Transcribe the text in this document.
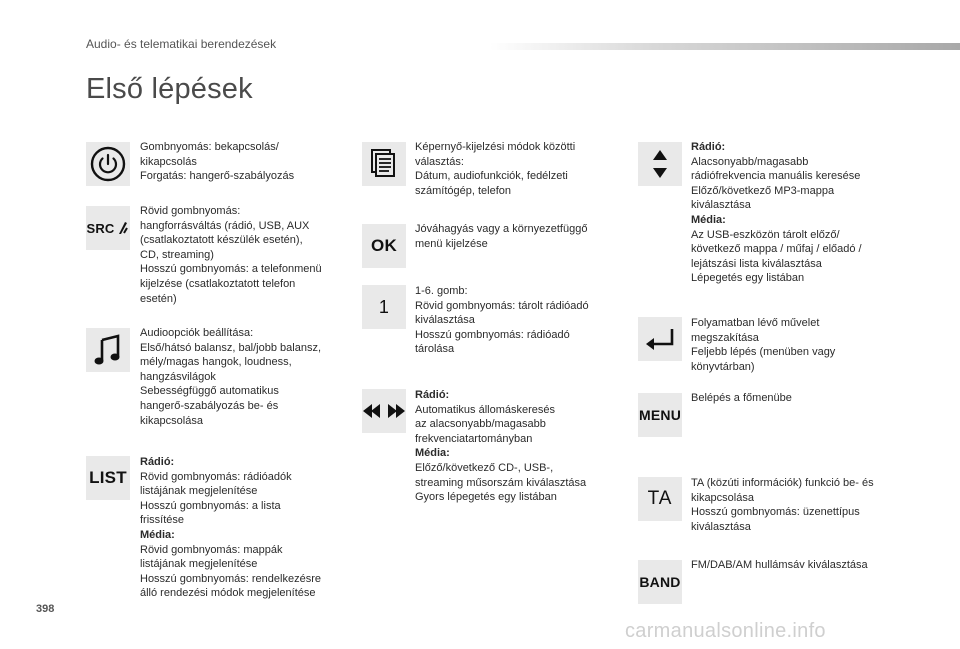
Audio- és telematikai berendezések
Első lépések
Gombnyomás: bekapcsolás/
kikapcsolás
Forgatás: hangerő-szabályozás
SRC
Rövid gombnyomás:
hangforrásváltás (rádió, USB, AUX
(csatlakoztatott készülék esetén),
CD, streaming)
Hosszú gombnyomás: a telefonmenü
kijelzése (csatlakoztatott telefon
esetén)
Audioopciók beállítása:
Első/hátsó balansz, bal/jobb balansz,
mély/magas hangok, loudness,
hangzásvilágok
Sebességfüggő automatikus
hangerő-szabályozás be- és
kikapcsolása
LIST
Rádió:
Rövid gombnyomás: rádióadók
listájának megjelenítése
Hosszú gombnyomás: a lista
frissítése
Média:
Rövid gombnyomás: mappák
listájának megjelenítése
Hosszú gombnyomás: rendelkezésre
álló rendezési módok megjelenítése
Képernyő-kijelzési módok közötti
választás:
Dátum, audiofunkciók, fedélzeti
számítógép, telefon
OK
Jóváhagyás vagy a környezetfüggő
menü kijelzése
1
1-6. gomb:
Rövid gombnyomás: tárolt rádióadó
kiválasztása
Hosszú gombnyomás: rádióadó
tárolása
Rádió:
Automatikus állomáskeresés
az alacsonyabb/magasabb
frekvenciatartományban
Média:
Előző/következő CD-, USB-,
streaming műsorszám kiválasztása
Gyors lépegetés egy listában
Rádió:
Alacsonyabb/magasabb
rádiófrekvencia manuális keresése
Előző/következő MP3-mappa
kiválasztása
Média:
Az USB-eszközön tárolt előző/
következő mappa / műfaj / előadó /
lejátszási lista kiválasztása
Lépegetés egy listában
Folyamatban lévő művelet
megszakítása
Feljebb lépés (menüben vagy
könyvtárban)
MENU
Belépés a főmenübe
TA
TA (közúti információk) funkció be- és
kikapcsolása
Hosszú gombnyomás: üzenettípus
kiválasztása
BAND
FM/DAB/AM hullámsáv kiválasztása
398
carmanualsonline.info
